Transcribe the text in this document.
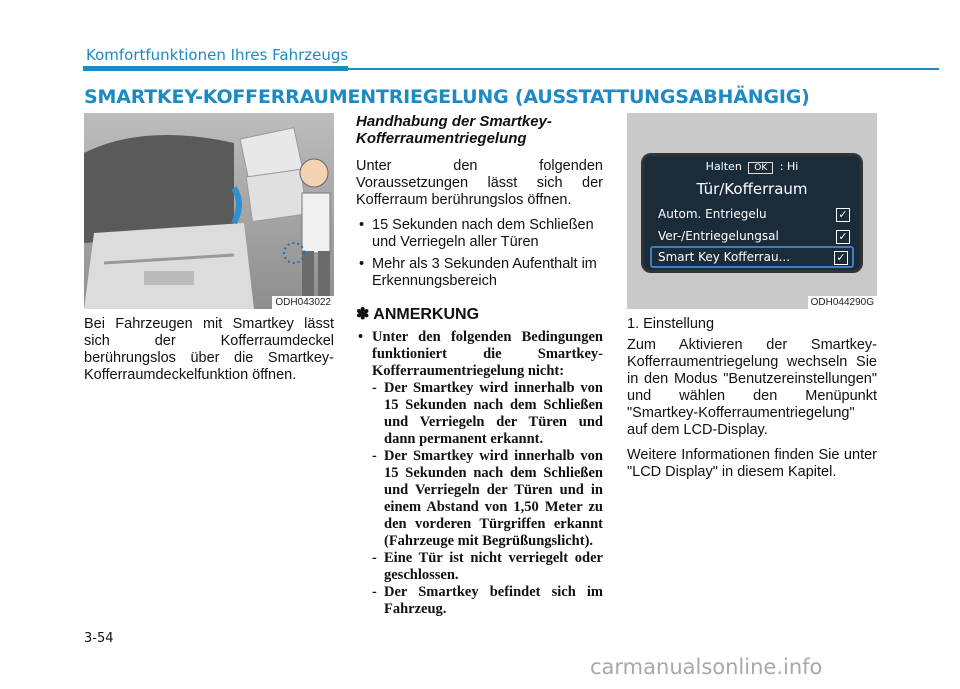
Komfortfunktionen Ihres Fahrzeugs
SMARTKEY-KOFFERRAUMENTRIEGELUNG (AUSSTATTUNGSABHÄNGIG)
ODH043022

Bei Fahrzeugen mit Smartkey lässt sich der Kofferraumdeckel berührungslos über die Smartkey-Kofferraumdeckelfunktion öffnen.

Handhabung der Smartkey-Kofferraumentriegelung

Unter den folgenden Voraussetzungen lässt sich der Kofferraum berührungslos öffnen.

• 15 Sekunden nach dem Schließen und Verriegeln aller Türen
• Mehr als 3 Sekunden Aufenthalt im Erkennungsbereich
✽ ANMERKUNG
• Unter den folgenden Bedingungen funktioniert die Smartkey-Kofferraumentriegelung nicht:
- Der Smartkey wird innerhalb von 15 Sekunden nach dem Schließen und Verriegeln der Türen und dann permanent erkannt.
- Der Smartkey wird innerhalb von 15 Sekunden nach dem Schließen und Verriegeln der Türen und in einem Abstand von 1,50 Meter zu den vorderen Türgriffen erkannt (Fahrzeuge mit Begrüßungslicht).
- Eine Tür ist nicht verriegelt oder geschlossen.
- Der Smartkey befindet sich im Fahrzeug.
Halten OK : Hi
Tür/Kofferraum
Autom. Entriegelu	✓
Ver-/Entriegelungsal	✓
Smart Key Kofferrau...	✓
ODH044290G

1. Einstellung

Zum Aktivieren der Smartkey-Kofferraumentriegelung wechseln Sie in den Modus "Benutzereinstellungen" und wählen den Menüpunkt "Smartkey-Kofferraumentriegelung" auf dem LCD-Display.

Weitere Informationen finden Sie unter "LCD Display" in diesem Kapitel.

3-54
carmanualsonline.info
